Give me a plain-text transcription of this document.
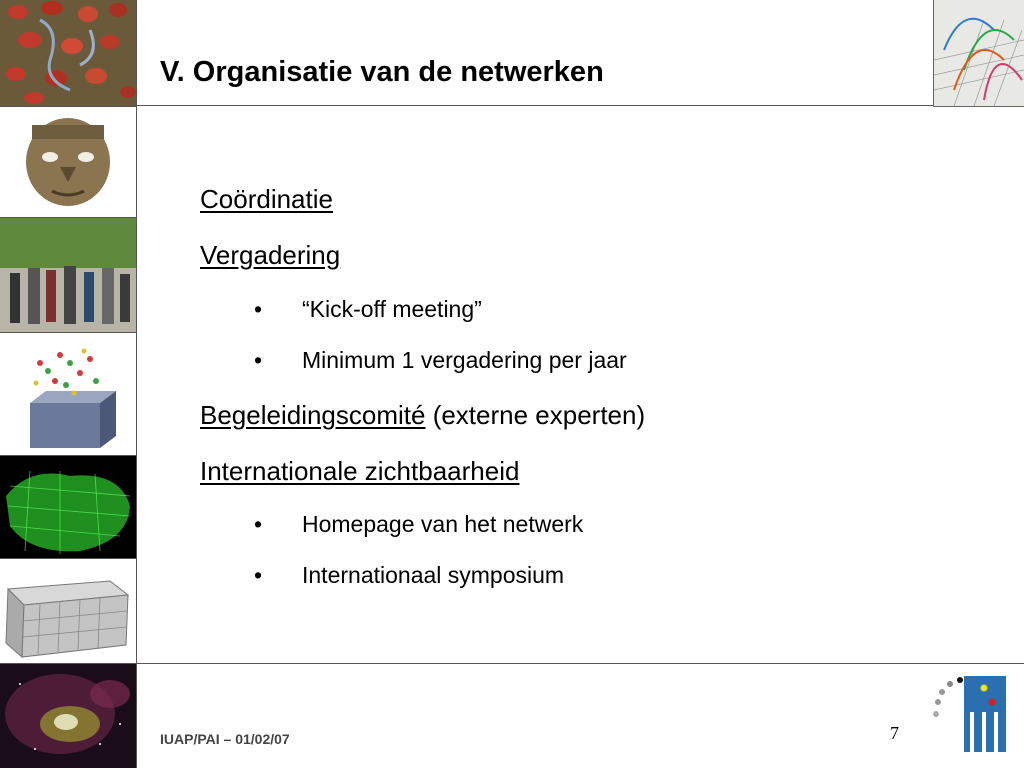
V. Organisatie van de netwerken
Coördinatie
Vergadering
• “Kick-off meeting”
• Minimum 1 vergadering per jaar
Begeleidingscomité (externe experten)
Internationale zichtbaarheid
• Homepage van het netwerk
• Internationaal symposium
IUAP/PAI – 01/02/07	7
